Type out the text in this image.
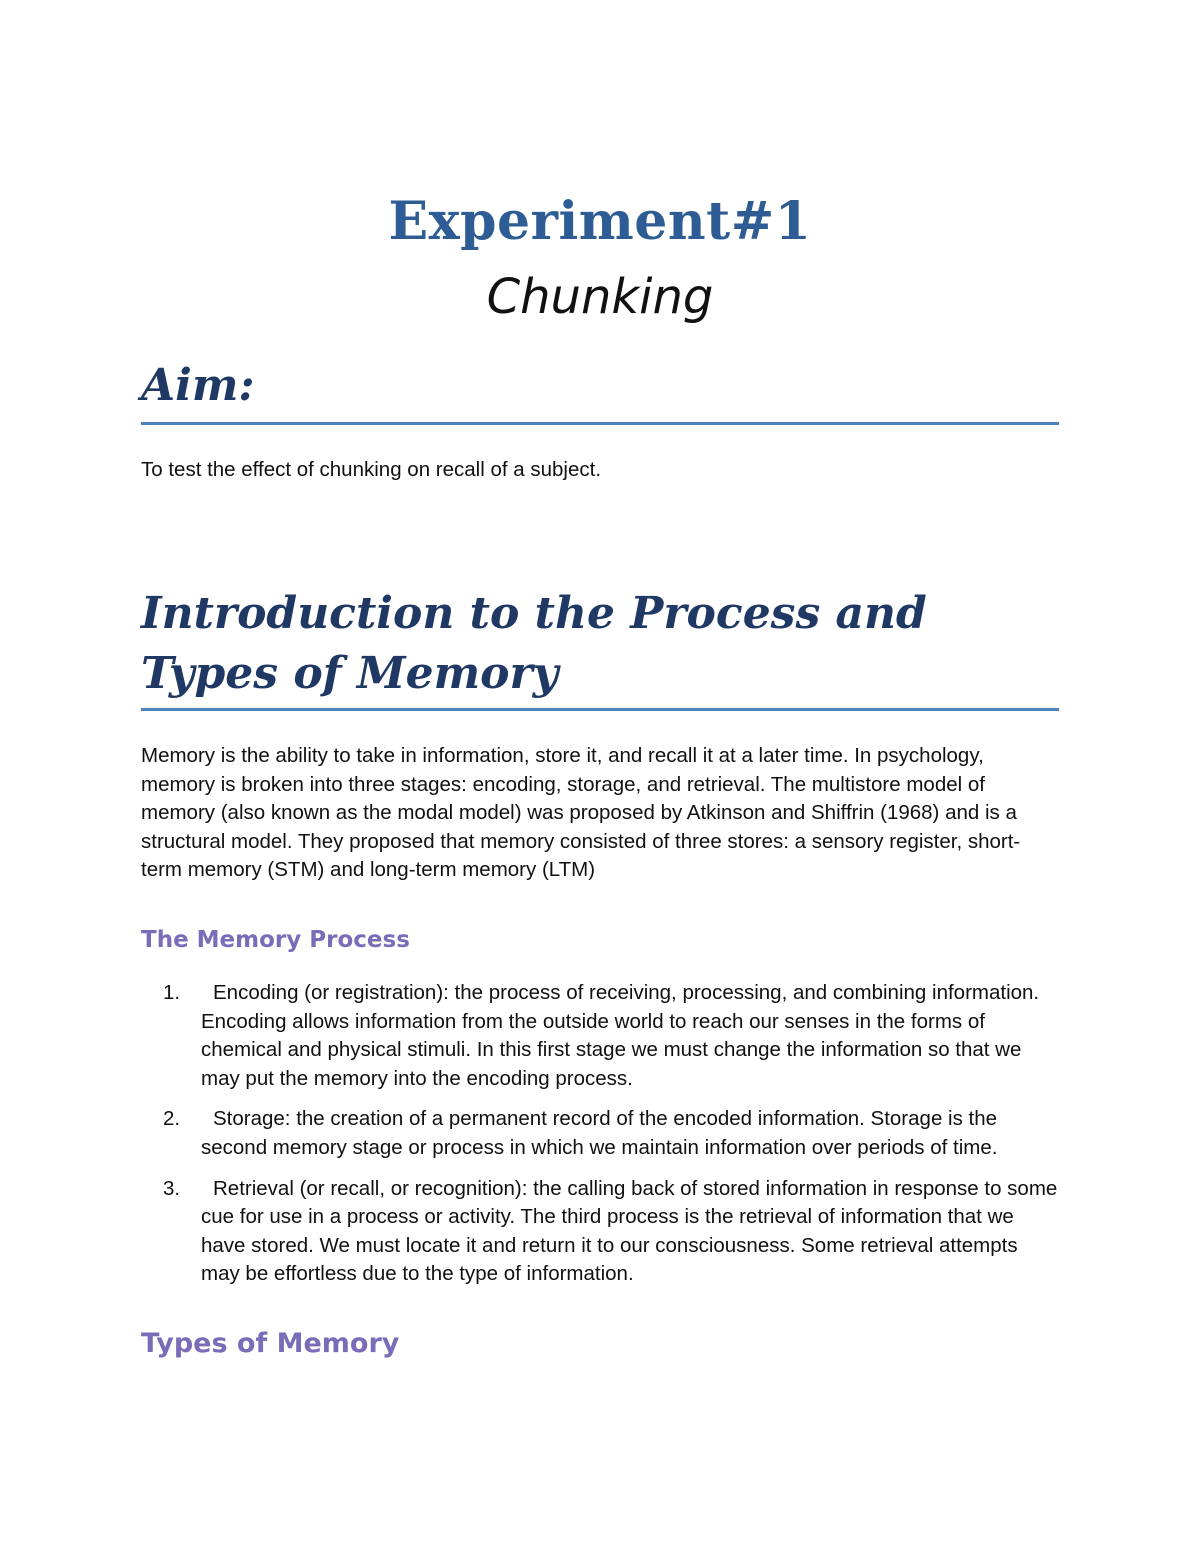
Experiment#1
Chunking
Aim:

To test the effect of chunking on recall of a subject.

Introduction to the Process and Types of Memory

Memory is the ability to take in information, store it, and recall it at a later time. In psychology, memory is broken into three stages: encoding, storage, and retrieval. The multistore model of memory (also known as the modal model) was proposed by Atkinson and Shiffrin (1968) and is a structural model. They proposed that memory consisted of three stores: a sensory register, short-term memory (STM) and long-term memory (LTM)

The Memory Process
1.	Encoding (or registration): the process of receiving, processing, and combining information. Encoding allows information from the outside world to reach our senses in the forms of chemical and physical stimuli. In this first stage we must change the information so that we may put the memory into the encoding process.
2.	Storage: the creation of a permanent record of the encoded information. Storage is the second memory stage or process in which we maintain information over periods of time.
3.	Retrieval (or recall, or recognition): the calling back of stored information in response to some cue for use in a process or activity. The third process is the retrieval of information that we have stored. We must locate it and return it to our consciousness. Some retrieval attempts may be effortless due to the type of information.
Types of Memory
